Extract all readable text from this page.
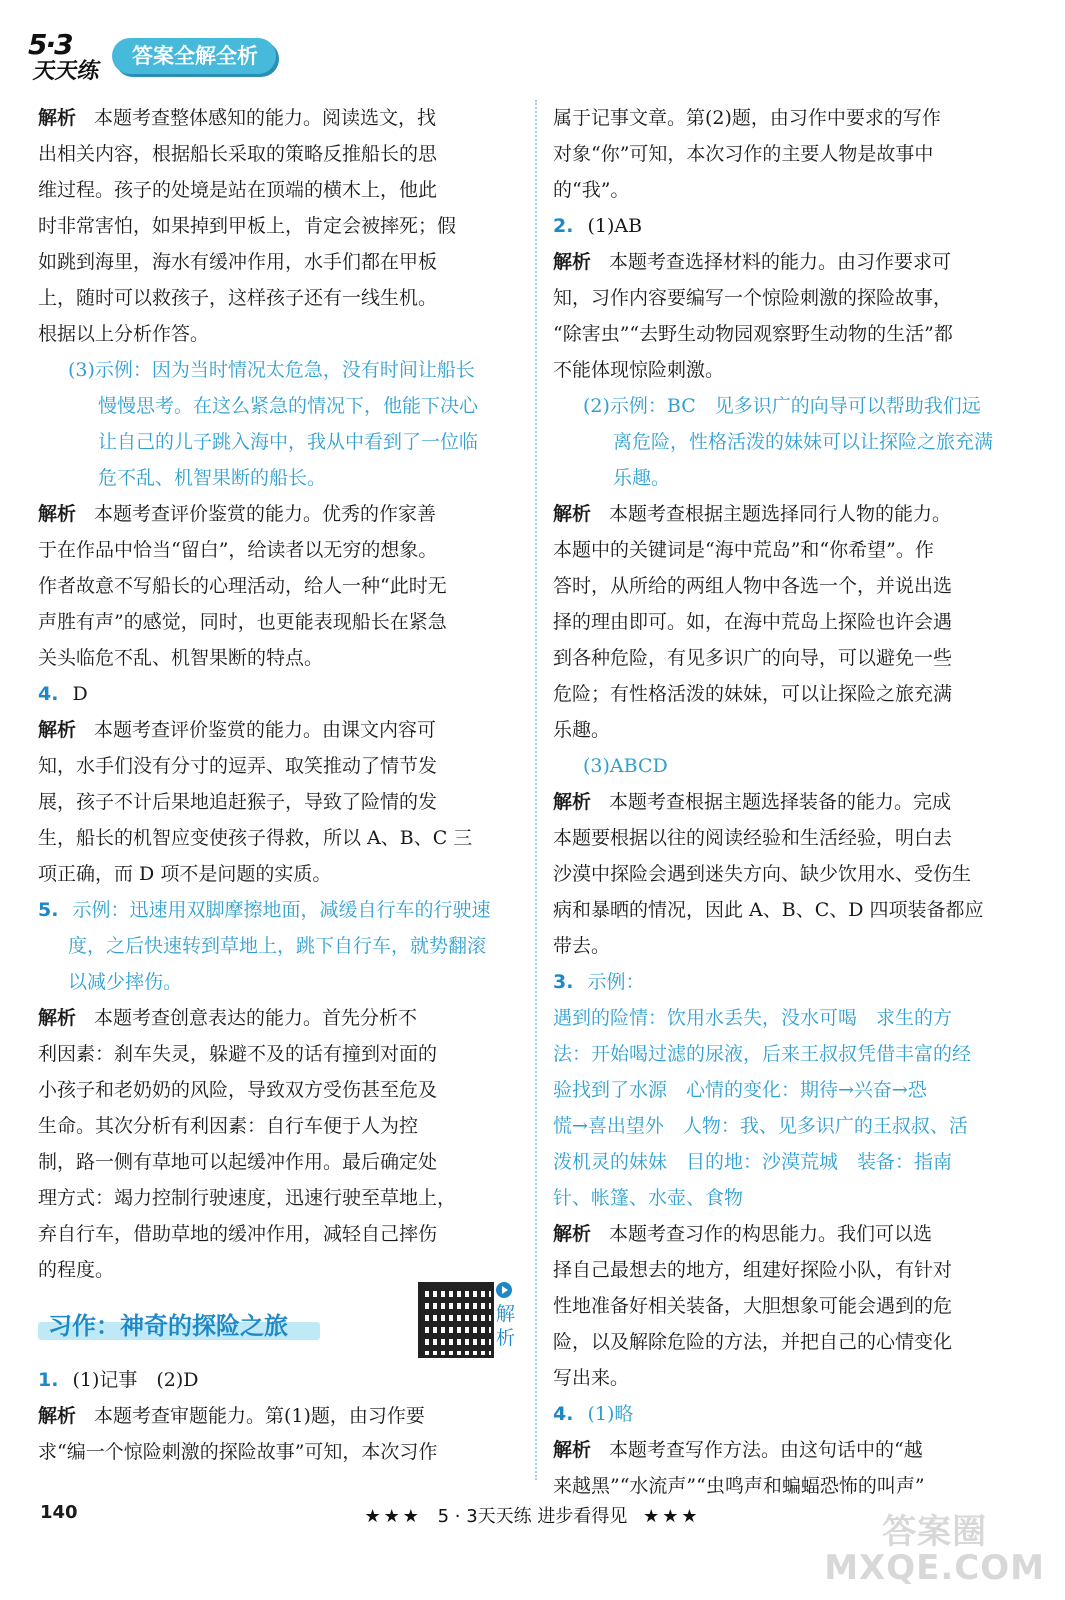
5·3
天天练
答案全解全析
解析 本题考查整体感知的能力。阅读选文，找
出相关内容，根据船长采取的策略反推船长的思
维过程。孩子的处境是站在顶端的横木上，他此
时非常害怕，如果掉到甲板上，肯定会被摔死；假
如跳到海里，海水有缓冲作用，水手们都在甲板
上，随时可以救孩子，这样孩子还有一线生机。
根据以上分析作答。
(3)示例：因为当时情况太危急，没有时间让船长
慢慢思考。在这么紧急的情况下，他能下决心
让自己的儿子跳入海中，我从中看到了一位临
危不乱、机智果断的船长。
解析 本题考查评价鉴赏的能力。优秀的作家善
于在作品中恰当“留白”，给读者以无穷的想象。
作者故意不写船长的心理活动，给人一种“此时无
声胜有声”的感觉，同时，也更能表现船长在紧急
关头临危不乱、机智果断的特点。
4. D
解析 本题考查评价鉴赏的能力。由课文内容可
知，水手们没有分寸的逗弄、取笑推动了情节发
展，孩子不计后果地追赶猴子，导致了险情的发
生，船长的机智应变使孩子得救，所以 A、B、C 三
项正确，而 D 项不是问题的实质。
5. 示例：迅速用双脚摩擦地面，减缓自行车的行驶速
度，之后快速转到草地上，跳下自行车，就势翻滚
以减少摔伤。
解析 本题考查创意表达的能力。首先分析不
利因素：刹车失灵，躲避不及的话有撞到对面的
小孩子和老奶奶的风险，导致双方受伤甚至危及
生命。其次分析有利因素：自行车便于人为控
制，路一侧有草地可以起缓冲作用。最后确定处
理方式：竭力控制行驶速度，迅速行驶至草地上，
弃自行车，借助草地的缓冲作用，减轻自己摔伤
的程度。
习作：神奇的探险之旅	解析
1. (1)记事　(2)D
解析 本题考查审题能力。第(1)题，由习作要
求“编一个惊险刺激的探险故事”可知，本次习作
属于记事文章。第(2)题，由习作中要求的写作
对象“你”可知，本次习作的主要人物是故事中
的“我”。
2. (1)AB
解析 本题考查选择材料的能力。由习作要求可
知，习作内容要编写一个惊险刺激的探险故事，
“除害虫”“去野生动物园观察野生动物的生活”都
不能体现惊险刺激。
(2)示例：BC　见多识广的向导可以帮助我们远
离危险，性格活泼的妹妹可以让探险之旅充满
乐趣。
解析 本题考查根据主题选择同行人物的能力。
本题中的关键词是“海中荒岛”和“你希望”。作
答时，从所给的两组人物中各选一个，并说出选
择的理由即可。如，在海中荒岛上探险也许会遇
到各种危险，有见多识广的向导，可以避免一些
危险；有性格活泼的妹妹，可以让探险之旅充满
乐趣。
(3)ABCD
解析 本题考查根据主题选择装备的能力。完成
本题要根据以往的阅读经验和生活经验，明白去
沙漠中探险会遇到迷失方向、缺少饮用水、受伤生
病和暴晒的情况，因此 A、B、C、D 四项装备都应
带去。
3. 示例：
遇到的险情：饮用水丢失，没水可喝　求生的方
法：开始喝过滤的尿液，后来王叔叔凭借丰富的经
验找到了水源　心情的变化：期待→兴奋→恐
慌→喜出望外　人物：我、见多识广的王叔叔、活
泼机灵的妹妹　目的地：沙漠荒城　装备：指南
针、帐篷、水壶、食物
解析 本题考查习作的构思能力。我们可以选
择自己最想去的地方，组建好探险小队，有针对
性地准备好相关装备，大胆想象可能会遇到的危
险，以及解除危险的方法，并把自己的心情变化
写出来。
4. (1)略
解析 本题考查写作方法。由这句话中的“越
来越黑”“水流声”“虫鸣声和蝙蝠恐怖的叫声”
140	★★★ 5 · 3天天练 进步看得见 ★★★	答案圈
MXQE.COM
